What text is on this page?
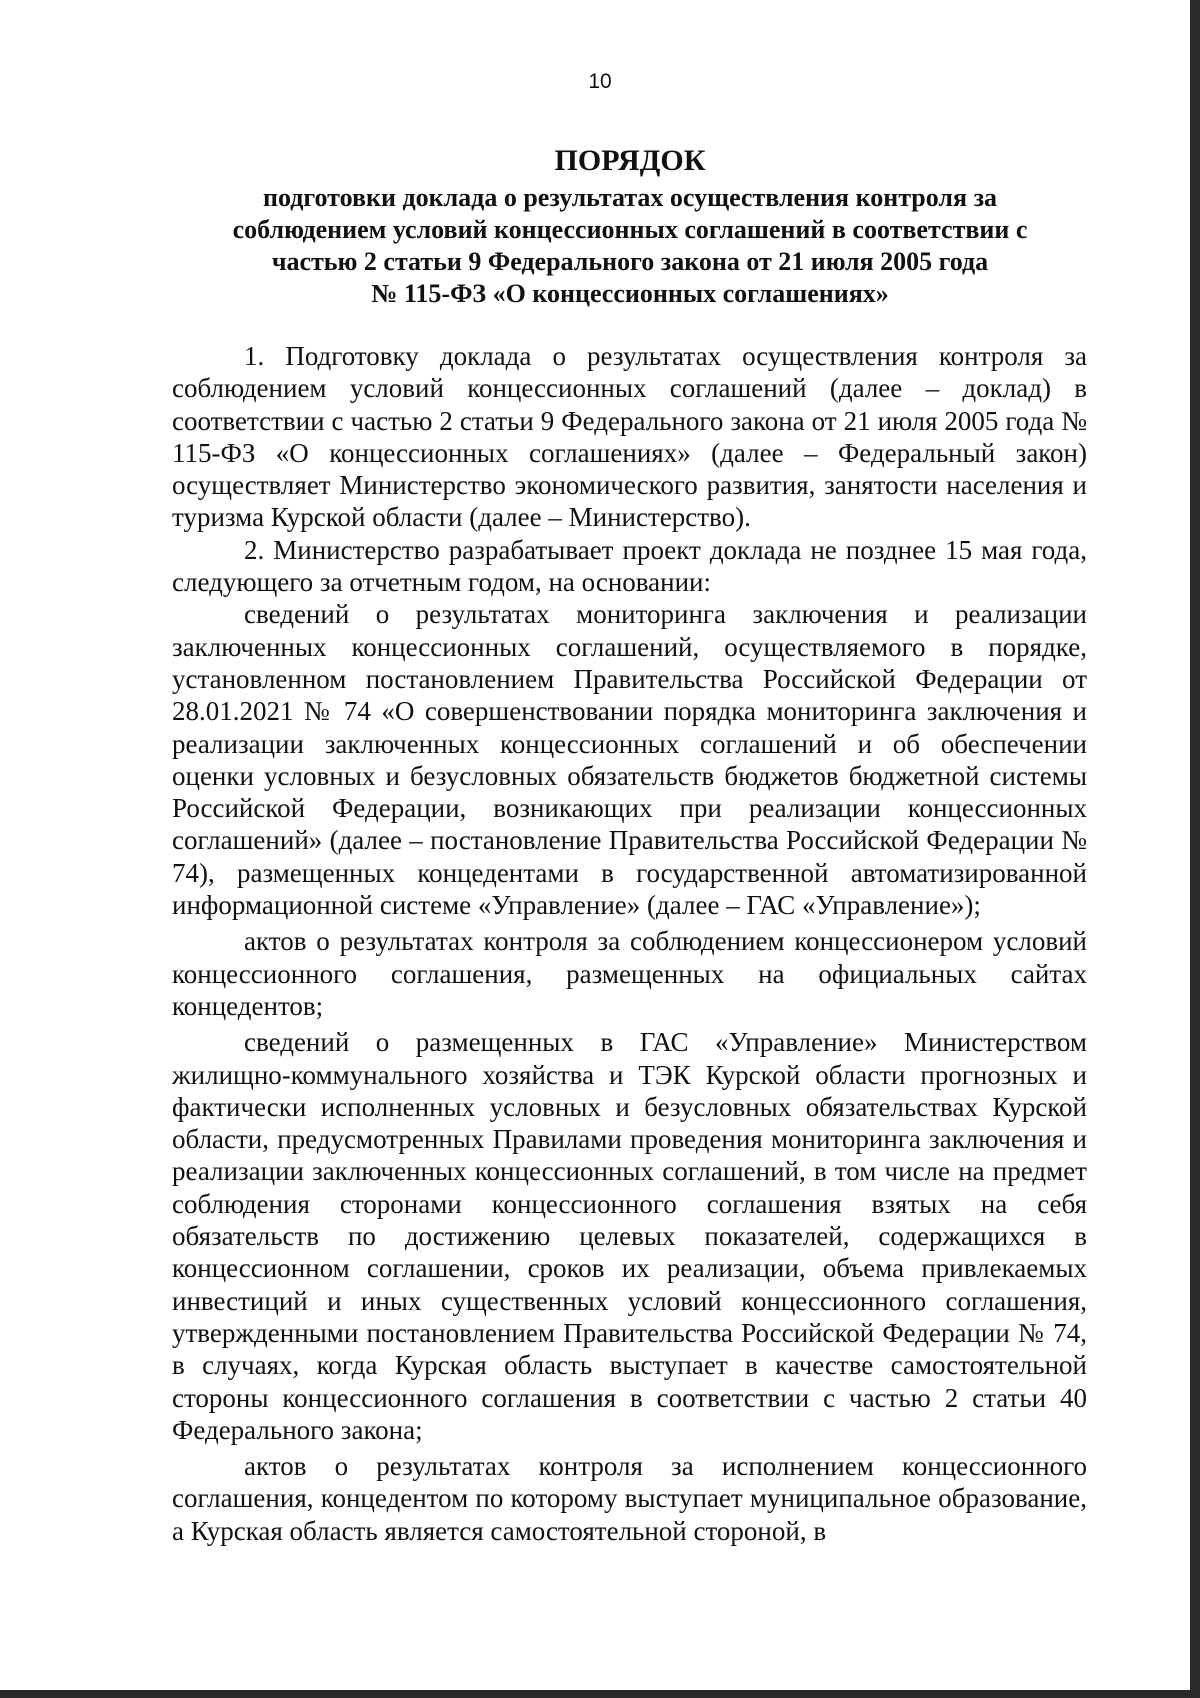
10
ПОРЯДОК
подготовки доклада о результатах осуществления контроля за
соблюдением условий концессионных соглашений в соответствии с
частью 2 статьи 9 Федерального закона от 21 июля 2005 года
№ 115-ФЗ «О концессионных соглашениях»

1. Подготовку доклада о результатах осуществления контроля за соблюдением условий концессионных соглашений (далее – доклад) в соответствии с частью 2 статьи 9 Федерального закона от 21 июля 2005 года № 115-ФЗ «О концессионных соглашениях» (далее – Федеральный закон) осуществляет Министерство экономического развития, занятости населения и туризма Курской области (далее – Министерство).

2. Министерство разрабатывает проект доклада не позднее 15 мая года, следующего за отчетным годом, на основании:

сведений о результатах мониторинга заключения и реализации заключенных концессионных соглашений, осуществляемого в порядке, установленном постановлением Правительства Российской Федерации от 28.01.2021 № 74 «О совершенствовании порядка мониторинга заключения и реализации заключенных концессионных соглашений и об обеспечении оценки условных и безусловных обязательств бюджетов бюджетной системы Российской Федерации, возникающих при реализации концессионных соглашений» (далее – постановление Правительства Российской Федерации № 74), размещенных концедентами в государственной автоматизированной информационной системе «Управление» (далее – ГАС «Управление»);

актов о результатах контроля за соблюдением концессионером условий концессионного соглашения, размещенных на официальных сайтах концедентов;

сведений о размещенных в ГАС «Управление» Министерством жилищно-коммунального хозяйства и ТЭК Курской области прогнозных и фактически исполненных условных и безусловных обязательствах Курской области, предусмотренных Правилами проведения мониторинга заключения и реализации заключенных концессионных соглашений, в том числе на предмет соблюдения сторонами концессионного соглашения взятых на себя обязательств по достижению целевых показателей, содержащихся в концессионном соглашении, сроков их реализации, объема привлекаемых инвестиций и иных существенных условий концессионного соглашения, утвержденными постановлением Правительства Российской Федерации № 74, в случаях, когда Курская область выступает в качестве самостоятельной стороны концессионного соглашения в соответствии с частью 2 статьи 40 Федерального закона;

актов о результатах контроля за исполнением концессионного соглашения, концедентом по которому выступает муниципальное образование, а Курская область является самостоятельной стороной, в
